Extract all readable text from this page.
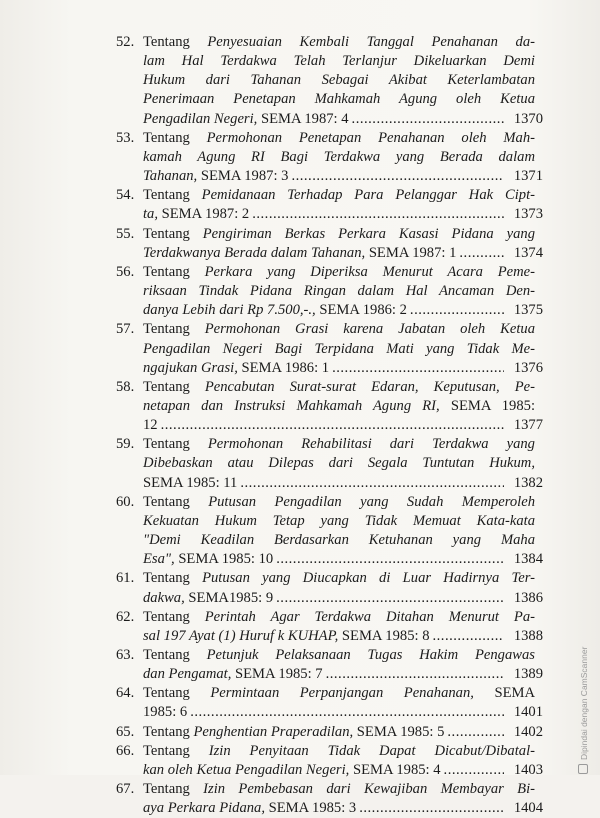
52. Tentang Penyesuaian Kembali Tanggal Penahanan da-
lam Hal Terdakwa Telah Terlanjur Dikeluarkan Demi
Hukum dari Tahanan Sebagai Akibat Keterlambatan
Penerimaan Penetapan Mahkamah Agung oleh Ketua
Pengadilan Negeri, SEMA 1987: 4 .....	1370
53. Tentang Permohonan Penetapan Penahanan oleh Mah-
kamah Agung RI Bagi Terdakwa yang Berada dalam
Tahanan, SEMA 1987: 3 .....	1371
54. Tentang Pemidanaan Terhadap Para Pelanggar Hak Cipt-
ta, SEMA 1987: 2 .....	1373
55. Tentang Pengiriman Berkas Perkara Kasasi Pidana yang
Terdakwanya Berada dalam Tahanan, SEMA 1987: 1 .....	1374
56. Tentang Perkara yang Diperiksa Menurut Acara Peme-
riksaan Tindak Pidana Ringan dalam Hal Ancaman Den-
danya Lebih dari Rp 7.500,-., SEMA 1986: 2 .....	1375
57. Tentang Permohonan Grasi karena Jabatan oleh Ketua
Pengadilan Negeri Bagi Terpidana Mati yang Tidak Me-
ngajukan Grasi, SEMA 1986: 1 .....	1376
58. Tentang Pencabutan Surat-surat Edaran, Keputusan, Pe-
netapan dan Instruksi Mahkamah Agung RI, SEMA 1985:
12 .....	1377
59. Tentang Permohonan Rehabilitasi dari Terdakwa yang
Dibebaskan atau Dilepas dari Segala Tuntutan Hukum,
SEMA 1985: 11 .....	1382
60. Tentang Putusan Pengadilan yang Sudah Memperoleh
Kekuatan Hukum Tetap yang Tidak Memuat Kata-kata
"Demi Keadilan Berdasarkan Ketuhanan yang Maha
Esa", SEMA 1985: 10 .....	1384
61. Tentang Putusan yang Diucapkan di Luar Hadirnya Ter-
dakwa, SEMA1985: 9 .....	1386
62. Tentang Perintah Agar Terdakwa Ditahan Menurut Pa-
sal 197 Ayat (1) Huruf k KUHAP, SEMA 1985: 8 .....	1388
63. Tentang Petunjuk Pelaksanaan Tugas Hakim Pengawas
dan Pengamat, SEMA 1985: 7 .....	1389
64. Tentang Permintaan Perpanjangan Penahanan, SEMA
1985: 6 .....	1401
65. Tentang Penghentian Praperadilan, SEMA 1985: 5 .....	1402
66. Tentang Izin Penyitaan Tidak Dapat Dicabut/Dibatal-
kan oleh Ketua Pengadilan Negeri, SEMA 1985: 4 .....	1403
67. Tentang Izin Pembebasan dari Kewajiban Membayar Bi-
aya Perkara Pidana, SEMA 1985: 3 .....	1404
Dipindai dengan CamScanner
